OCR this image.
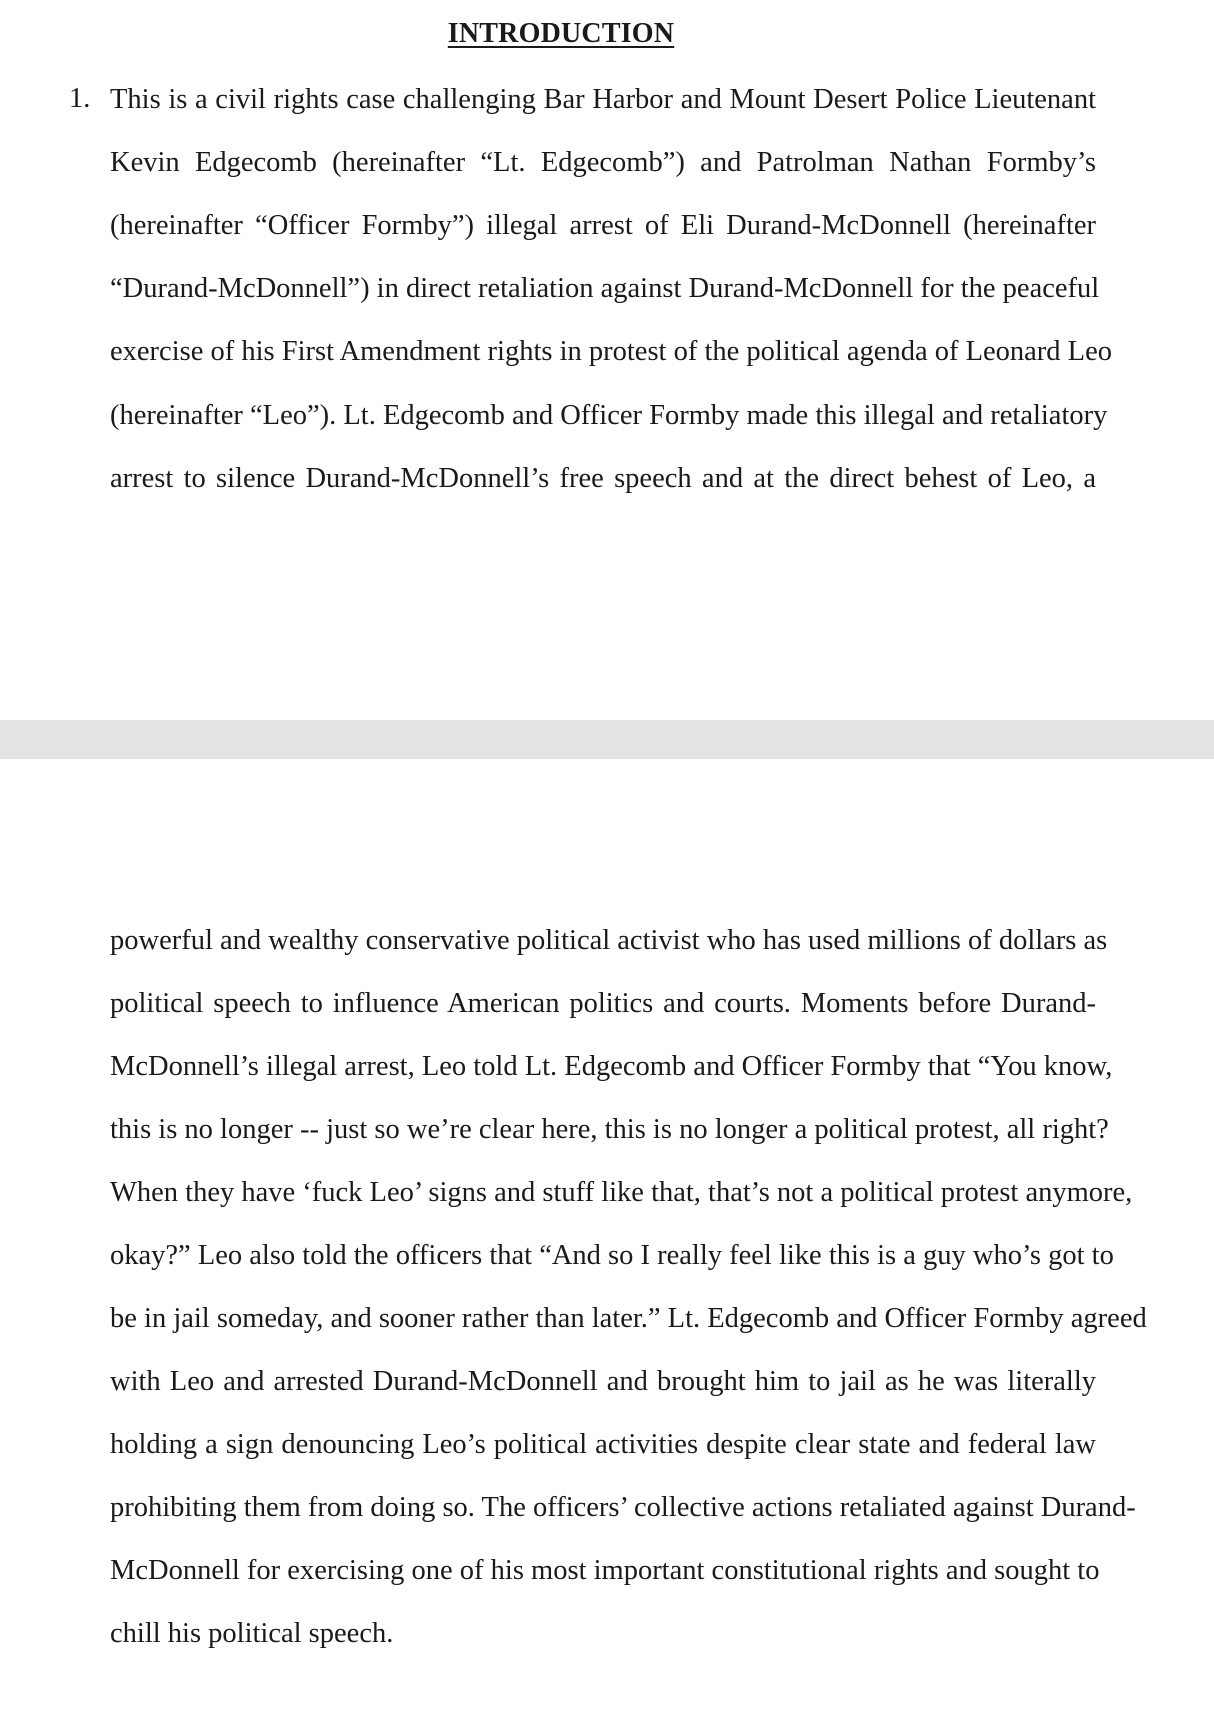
INTRODUCTION
1. This is a civil rights case challenging Bar Harbor and Mount Desert Police Lieutenant
Kevin Edgecomb (hereinafter “Lt. Edgecomb”) and Patrolman Nathan Formby’s
(hereinafter “Officer Formby”) illegal arrest of Eli Durand-McDonnell (hereinafter
“Durand-McDonnell”) in direct retaliation against Durand-McDonnell for the peaceful
exercise of his First Amendment rights in protest of the political agenda of Leonard Leo
(hereinafter “Leo”). Lt. Edgecomb and Officer Formby made this illegal and retaliatory
arrest to silence Durand-McDonnell’s free speech and at the direct behest of Leo, a
powerful and wealthy conservative political activist who has used millions of dollars as
political speech to influence American politics and courts. Moments before Durand-
McDonnell’s illegal arrest, Leo told Lt. Edgecomb and Officer Formby that “You know,
this is no longer -- just so we’re clear here, this is no longer a political protest, all right?
When they have ‘fuck Leo’ signs and stuff like that, that’s not a political protest anymore,
okay?” Leo also told the officers that “And so I really feel like this is a guy who’s got to
be in jail someday, and sooner rather than later.” Lt. Edgecomb and Officer Formby agreed
with Leo and arrested Durand-McDonnell and brought him to jail as he was literally
holding a sign denouncing Leo’s political activities despite clear state and federal law
prohibiting them from doing so. The officers’ collective actions retaliated against Durand-
McDonnell for exercising one of his most important constitutional rights and sought to
chill his political speech.
